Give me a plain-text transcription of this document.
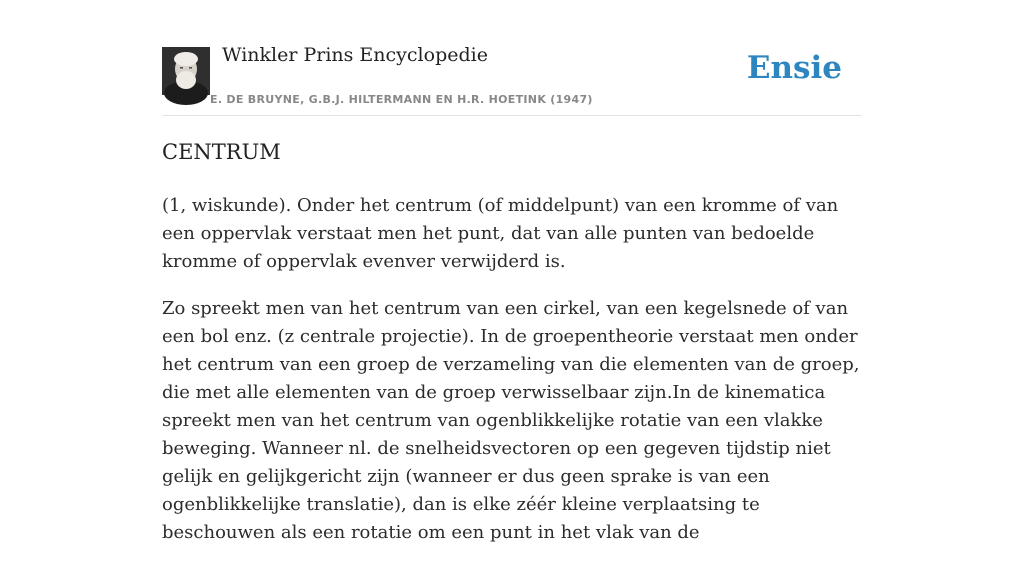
Winkler Prins Encyclopedie
E. DE BRUYNE, G.B.J. HILTERMANN EN H.R. HOETINK (1947)
Ensie
CENTRUM

(1, wiskunde). Onder het centrum (of middelpunt) van een kromme of van een oppervlak verstaat men het punt, dat van alle punten van bedoelde kromme of oppervlak evenver verwijderd is.

Zo spreekt men van het centrum van een cirkel, van een kegelsnede of van een bol enz. (z centrale projectie). In de groepentheorie verstaat men onder het centrum van een groep de verzameling van die elementen van de groep, die met alle elementen van de groep verwisselbaar zijn.In de kinematica spreekt men van het centrum van ogenblikkelijke rotatie van een vlakke beweging. Wanneer nl. de snelheidsvectoren op een gegeven tijdstip niet gelijk en gelijkgericht zijn (wanneer er dus geen sprake is van een ogenblikkelijke translatie), dan is elke zéér kleine verplaatsing te beschouwen als een rotatie om een punt in het vlak van de
